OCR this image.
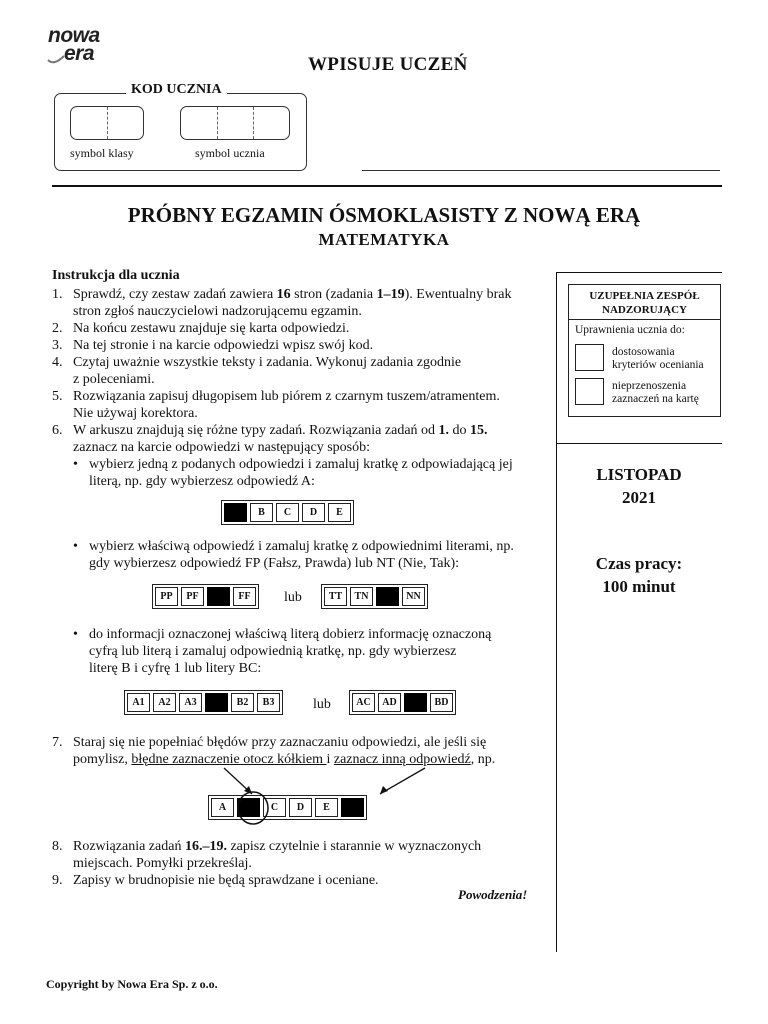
nowa
era	WPISUJE UCZEŃ
KOD UCZNIA
symbol klasy	symbol ucznia
PRÓBNY EGZAMIN ÓSMOKLASISTY Z NOWĄ ERĄ
MATEMATYKA
UZUPEŁNIA ZESPÓŁ
NADZORUJĄCY
Uprawnienia ucznia do:
dostosowania
kryteriów oceniania
nieprzenoszenia
zaznaczeń na kartę
LISTOPAD
2021
Czas pracy:
100 minut
Instrukcja dla ucznia
1. Sprawdź, czy zestaw zadań zawiera 16 stron (zadania 1–19). Ewentualny brak
stron zgłoś nauczycielowi nadzorującemu egzamin.
2. Na końcu zestawu znajduje się karta odpowiedzi.
3. Na tej stronie i na karcie odpowiedzi wpisz swój kod.
4. Czytaj uważnie wszystkie teksty i zadania. Wykonuj zadania zgodnie
z poleceniami.
5. Rozwiązania zapisuj długopisem lub piórem z czarnym tuszem/atramentem.
Nie używaj korektora.
6. W arkuszu znajdują się różne typy zadań. Rozwiązania zadań od 1. do 15.
zaznacz na karcie odpowiedzi w następujący sposób:
• wybierz jedną z podanych odpowiedzi i zamaluj kratkę z odpowiadającą jej
literą, np. gdy wybierzesz odpowiedź A:
B	C	D	E
• wybierz właściwą odpowiedź i zamaluj kratkę z odpowiednimi literami, np.
gdy wybierzesz odpowiedź FP (Fałsz, Prawda) lub NT (Nie, Tak):
PP	PF	FF	lub	TT	TN	NN
• do informacji oznaczonej właściwą literą dobierz informację oznaczoną
cyfrą lub literą i zamaluj odpowiednią kratkę, np. gdy wybierzesz
literę B i cyfrę 1 lub litery BC:
A1	A2	A3	B2	B3	lub	AC	AD	BD
7. Staraj się nie popełniać błędów przy zaznaczaniu odpowiedzi, ale jeśli się
pomylisz, błędne zaznaczenie otocz kółkiem i zaznacz inną odpowiedź, np.
A	C	D	E
8. Rozwiązania zadań 16.–19. zapisz czytelnie i starannie w wyznaczonych
miejscach. Pomyłki przekreślaj.
9. Zapisy w brudnopisie nie będą sprawdzane i oceniane.
Powodzenia!
Copyright by Nowa Era Sp. z o.o.
